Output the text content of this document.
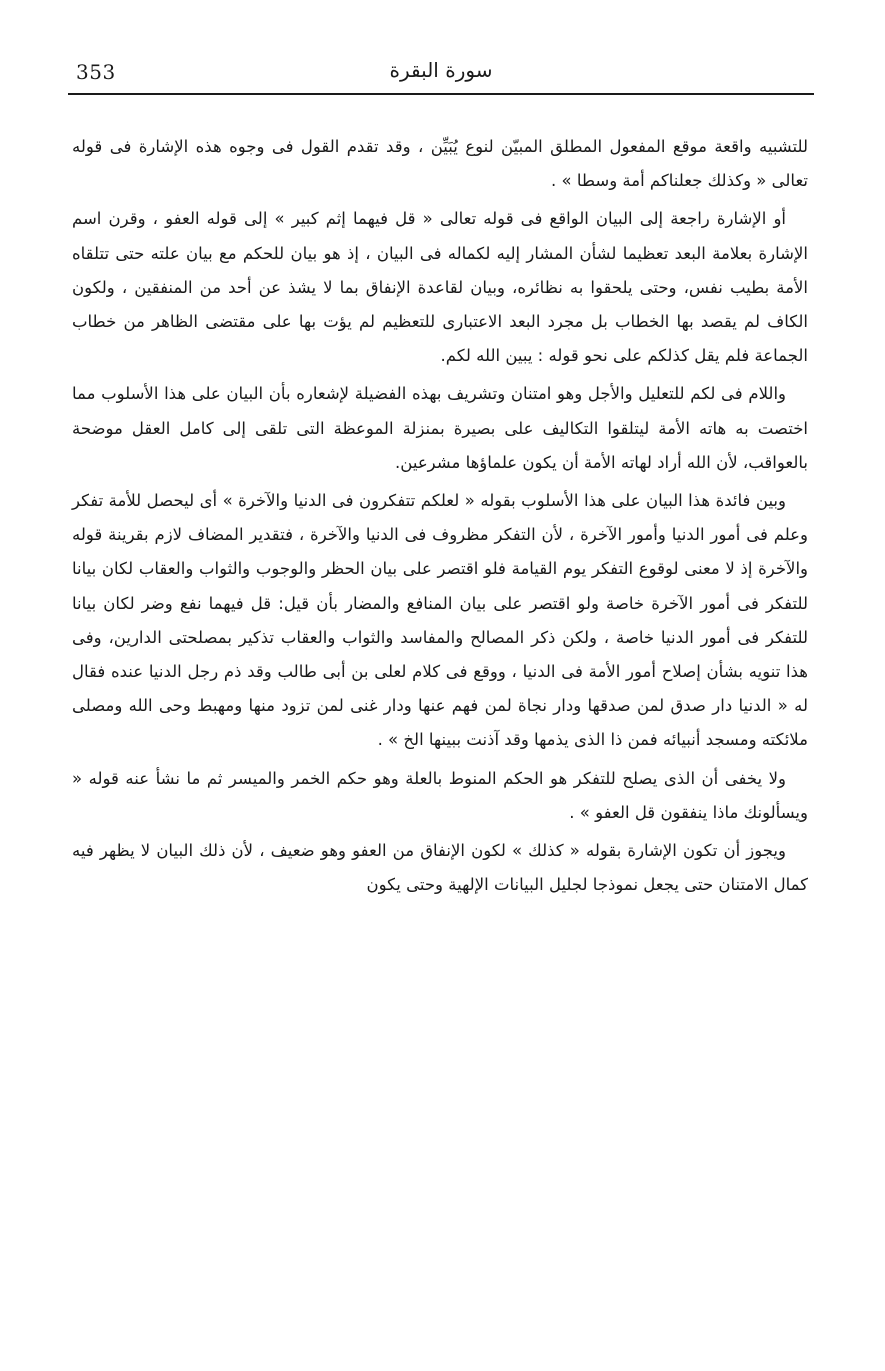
353	سورة البقرة

للتشبيه واقعة موقع المفعول المطلق المبيّن لنوع يُبَيِّن ، وقد تقدم القول فى وجوه هذه الإشارة فى قوله تعالى « وكذلك جعلناكم أمة وسطا » .

أو الإشارة راجعة إلى البيان الواقع فى قوله تعالى « قل فيهما إثم كبير » إلى قوله العفو ، وقرن اسم الإشارة بعلامة البعد تعظيما لشأن المشار إليه لكماله فى البيان ، إذ هو بيان للحكم مع بيان علته حتى تتلقاه الأمة بطيب نفس، وحتى يلحقوا به نظائره، وبيان لقاعدة الإنفاق بما لا يشذ عن أحد من المنفقين ، ولكون الكاف لم يقصد بها الخطاب بل مجرد البعد الاعتبارى للتعظيم لم يؤت بها على مقتضى الظاهر من خطاب الجماعة فلم يقل كذلكم على نحو قوله : يبين الله لكم.

واللام فى لكم للتعليل والأجل وهو امتنان وتشريف بهذه الفضيلة لإشعاره بأن البيان على هذا الأسلوب مما اختصت به هاته الأمة ليتلقوا التكاليف على بصيرة بمنزلة الموعظة التى تلقى إلى كامل العقل موضحة بالعواقب، لأن الله أراد لهاته الأمة أن يكون علماؤها مشرعين.

وبين فائدة هذا البيان على هذا الأسلوب بقوله « لعلكم تتفكرون فى الدنيا والآخرة » أى ليحصل للأمة تفكر وعلم فى أمور الدنيا وأمور الآخرة ، لأن التفكر مظروف فى الدنيا والآخرة ، فتقدير المضاف لازم بقرينة قوله والآخرة إذ لا معنى لوقوع التفكر يوم القيامة فلو اقتصر على بيان الحظر والوجوب والثواب والعقاب لكان بيانا للتفكر فى أمور الآخرة خاصة ولو اقتصر على بيان المنافع والمضار بأن قيل: قل فيهما نفع وضر لكان بيانا للتفكر فى أمور الدنيا خاصة ، ولكن ذكر المصالح والمفاسد والثواب والعقاب تذكير بمصلحتى الدارين، وفى هذا تنويه بشأن إصلاح أمور الأمة فى الدنيا ، ووقع فى كلام لعلى بن أبى طالب وقد ذم رجل الدنيا عنده فقال له « الدنيا دار صدق لمن صدقها ودار نجاة لمن فهم عنها ودار غنى لمن تزود منها ومهبط وحى الله ومصلى ملائكته ومسجد أنبيائه فمن ذا الذى يذمها وقد آذنت ببينها الخ » .

ولا يخفى أن الذى يصلح للتفكر هو الحكم المنوط بالعلة وهو حكم الخمر والميسر ثم ما نشأ عنه قوله « ويسألونك ماذا ينفقون قل العفو » .

ويجوز أن تكون الإشارة بقوله « كذلك » لكون الإنفاق من العفو وهو ضعيف ، لأن ذلك البيان لا يظهر فيه كمال الامتنان حتى يجعل نموذجا لجليل البيانات الإلهية وحتى يكون
